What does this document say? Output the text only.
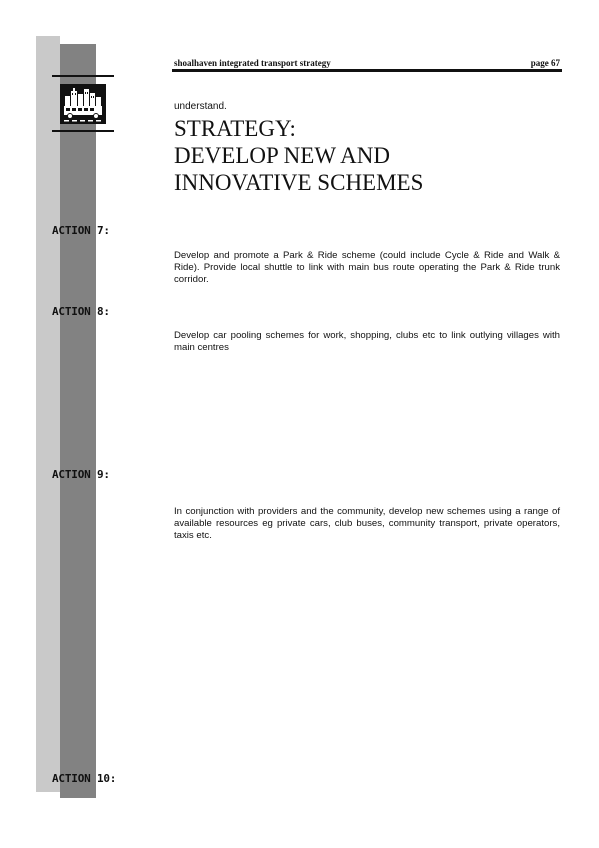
shoalhaven integrated transport strategy	page 67
understand.
STRATEGY:
DEVELOP NEW AND
INNOVATIVE SCHEMES
ACTION 7:

Develop and promote a Park & Ride scheme (could include Cycle & Ride and Walk & Ride). Provide local shuttle to link with main bus route operating the Park & Ride trunk corridor.

ACTION 8:

Develop car pooling schemes for work, shopping, clubs etc to link outlying villages with main centres

ACTION 9:

In conjunction with providers and the community, develop new schemes using a range of available resources eg private cars, club buses, community transport, private operators, taxis etc.

ACTION 10:
